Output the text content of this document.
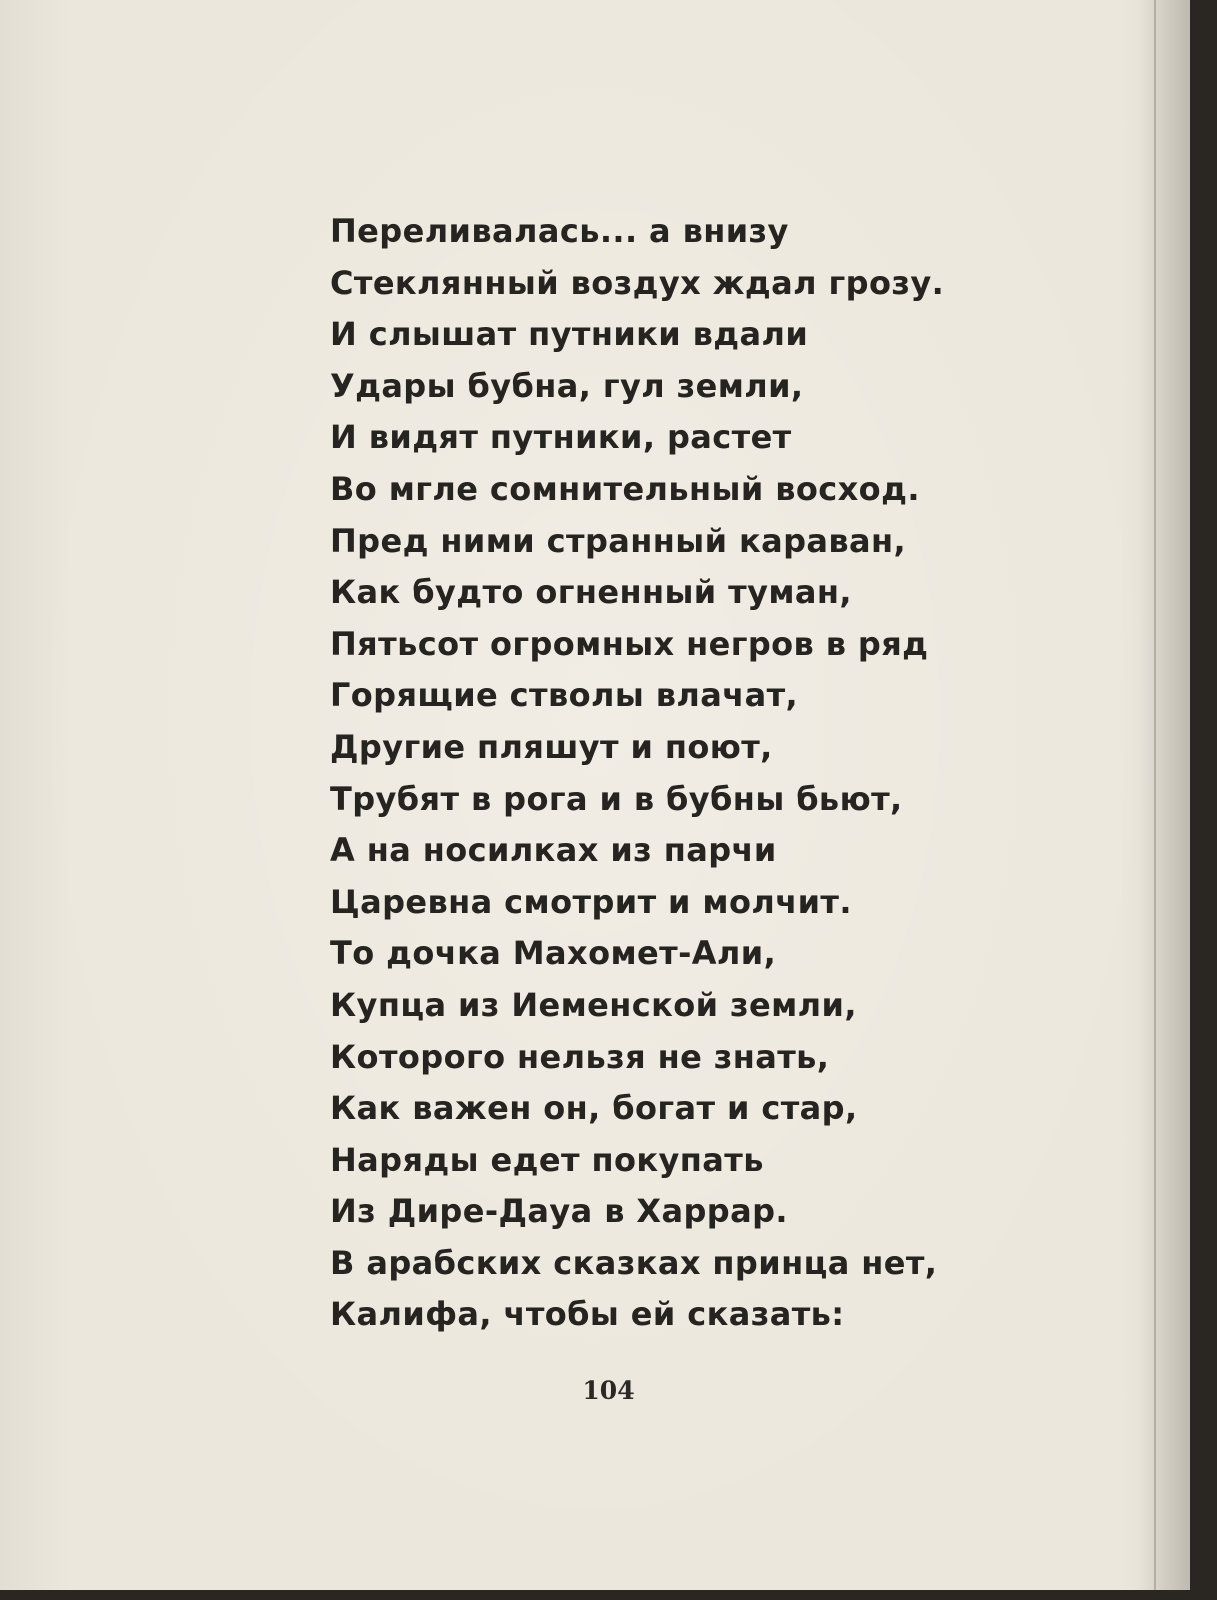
Переливалась... а внизу
Стеклянный воздух ждал грозу.
И слышат путники вдали
Удары бубна, гул земли,
И видят путники, растет
Во мгле сомнительный восход.
Пред ними странный караван,
Как будто огненный туман,
Пятьсот огромных негров в ряд
Горящие стволы влачат,
Другие пляшут и поют,
Трубят в рога и в бубны бьют,
А на носилках из парчи
Царевна смотрит и молчит.
То дочка Махомет-Али,
Купца из Иеменской земли,
Которого нельзя не знать,
Как важен он, богат и стар,
Наряды едет покупать
Из Дире-Дауа в Харрар.
В арабских сказках принца нет,
Калифа, чтобы ей сказать:
104
